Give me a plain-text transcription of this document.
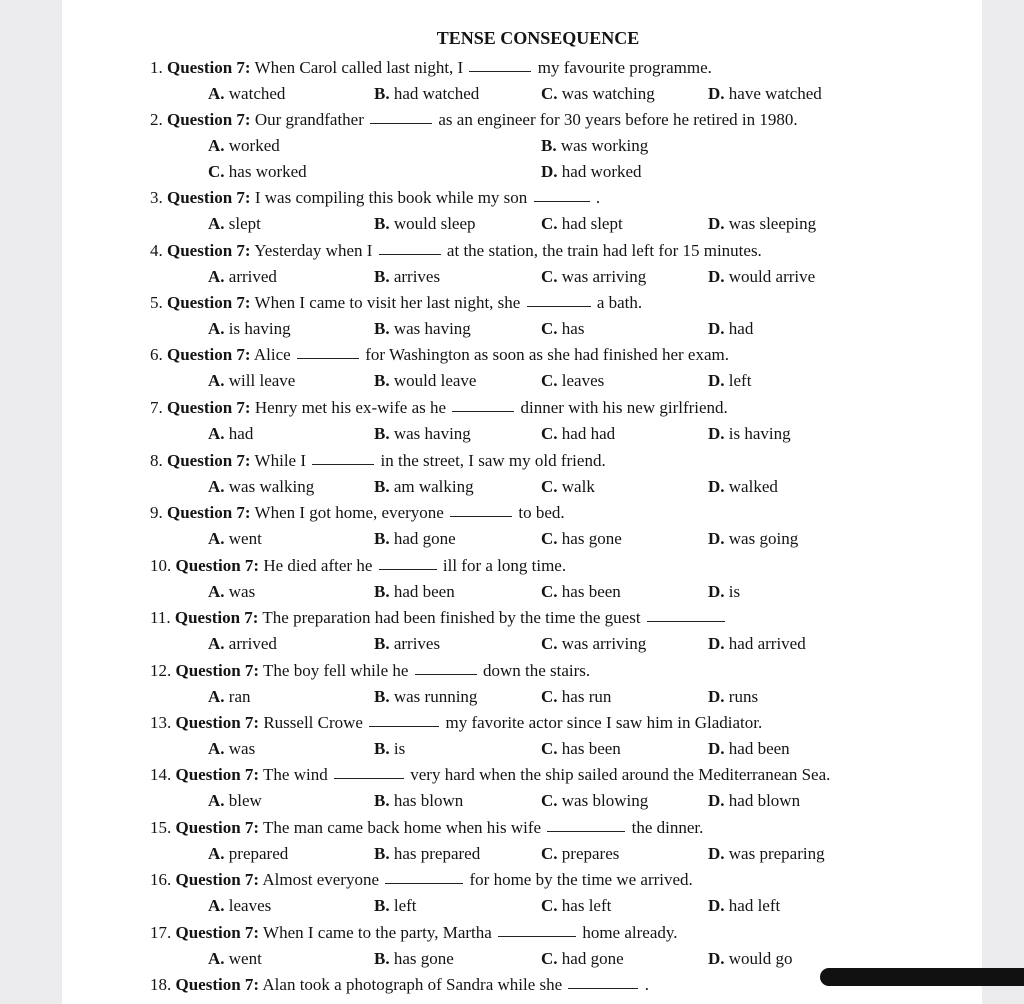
TENSE CONSEQUENCE
1. Question 7: When Carol called last night, I	my favourite programme.
A. watched	B. had watched	C. was watching	D. have watched
2. Question 7: Our grandfather	as an engineer for 30 years before he retired in 1980.
A. worked	B. was working
C. has worked	D. had worked
3. Question 7: I was compiling this book while my son	.
A. slept	B. would sleep	C. had slept	D. was sleeping
4. Question 7: Yesterday when I	at the station, the train had left for 15 minutes.
A. arrived	B. arrives	C. was arriving	D. would arrive
5. Question 7: When I came to visit her last night, she	a bath.
A. is having	B. was having	C. has	D. had
6. Question 7: Alice	for Washington as soon as she had finished her exam.
A. will leave	B. would leave	C. leaves	D. left
7. Question 7: Henry met his ex-wife as he	dinner with his new girlfriend.
A. had	B. was having	C. had had	D. is having
8. Question 7: While I	in the street, I saw my old friend.
A. was walking	B. am walking	C. walk	D. walked
9. Question 7: When I got home, everyone	to bed.
A. went	B. had gone	C. has gone	D. was going
10. Question 7: He died after he	ill for a long time.
A. was	B. had been	C. has been	D. is
11. Question 7: The preparation had been finished by the time the guest
A. arrived	B. arrives	C. was arriving	D. had arrived
12. Question 7: The boy fell while he	down the stairs.
A. ran	B. was running	C. has run	D. runs
13. Question 7: Russell Crowe	my favorite actor since I saw him in Gladiator.
A. was	B. is	C. has been	D. had been
14. Question 7: The wind	very hard when the ship sailed around the Mediterranean Sea.
A. blew	B. has blown	C. was blowing	D. had blown
15. Question 7: The man came back home when his wife	the dinner.
A. prepared	B. has prepared	C. prepares	D. was preparing
16. Question 7: Almost everyone	for home by the time we arrived.
A. leaves	B. left	C. has left	D. had left
17. Question 7: When I came to the party, Martha	home already.
A. went	B. has gone	C. had gone	D. would go
18. Question 7: Alan took a photograph of Sandra while she	.
